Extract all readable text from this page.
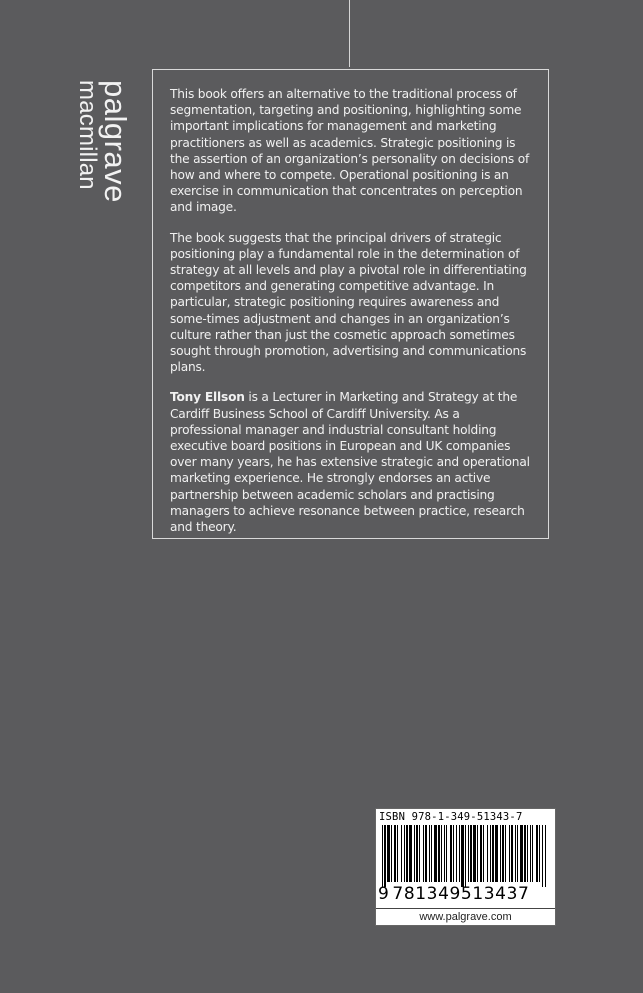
palgrave
macmillan	This book offers an alternative to the traditional process of segmentation, targeting and positioning, highlighting some important implications for management and marketing practitioners as well as academics. Strategic positioning is the assertion of an organization’s personality on decisions of how and where to compete. Operational positioning is an exercise in communication that concentrates on perception and image.

The book suggests that the principal drivers of strategic positioning play a fundamental role in the determination of strategy at all levels and play a pivotal role in differentiating competitors and generating competitive advantage. In particular, strategic positioning requires awareness and some-times adjustment and changes in an organization’s culture rather than just the cosmetic approach sometimes sought through promotion, advertising and communications plans.

Tony Ellson is a Lecturer in Marketing and Strategy at the Cardiff Business School of Cardiff University. As a professional manager and industrial consultant holding executive board positions in European and UK companies over many years, he has extensive strategic and operational marketing experience. He strongly endorses an active partnership between academic scholars and practising managers to achieve resonance between practice, research and theory.

ISBN 978-1-349-51343-7
9 781349513437
www.palgrave.com
